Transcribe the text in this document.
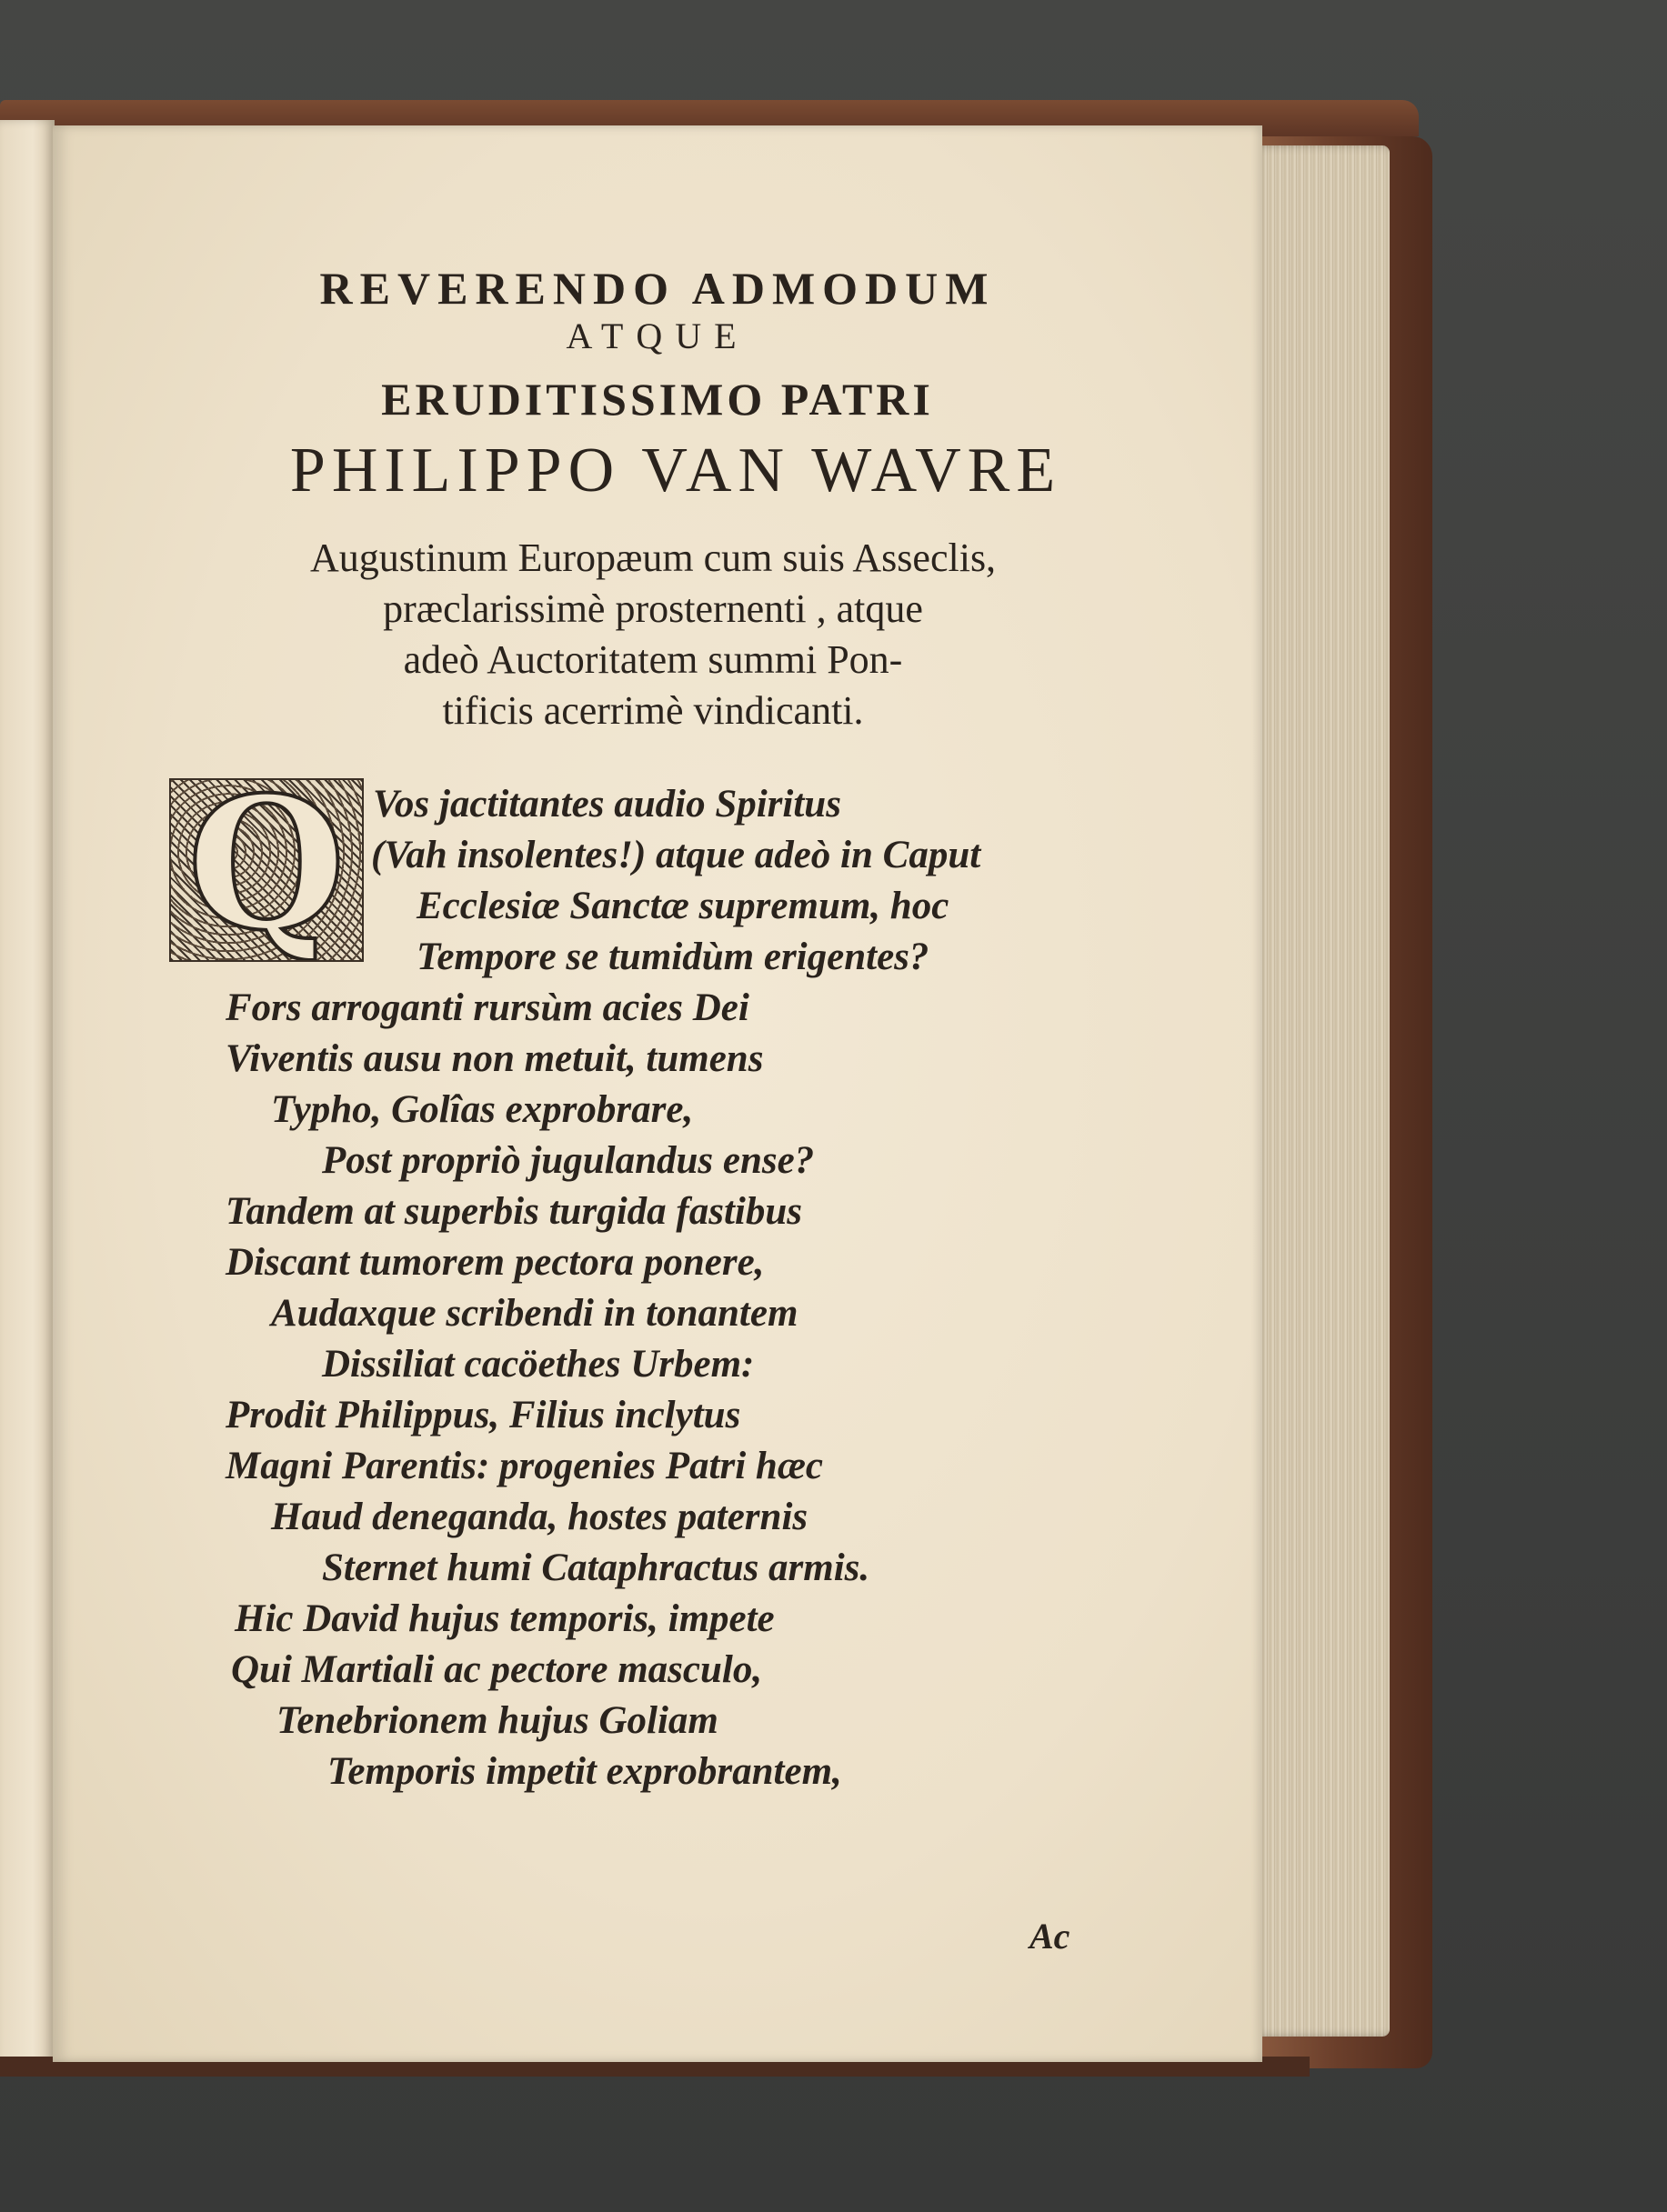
REVERENDO ADMODUM
ATQUE
ERUDITISSIMO PATRI
PHILIPPO VAN WAVRE
Augustinum Europæum cum suis Asseclis,
præclarissimè prosternenti , atque
adeò Auctoritatem summi Pon-
tificis acerrimè vindicanti.
Q Vos jactitantes audio Spiritus
(Vah insolentes!) atque adeò in Caput
Ecclesiæ Sanctæ supremum, hoc
Tempore se tumidùm erigentes?
Fors arroganti rursùm acies Dei
Viventis ausu non metuit, tumens
Typho, Golîas exprobrare,
Post propriò jugulandus ense?
Tandem at superbis turgida fastibus
Discant tumorem pectora ponere,
Audaxque scribendi in tonantem
Dissiliat cacöethes Urbem:
Prodit Philippus, Filius inclytus
Magni Parentis: progenies Patri hæc
Haud deneganda, hostes paternis
Sternet humi Cataphractus armis.
Hic David hujus temporis, impete
Qui Martiali ac pectore masculo,
Tenebrionem hujus Goliam
Temporis impetit exprobrantem,
Ac
